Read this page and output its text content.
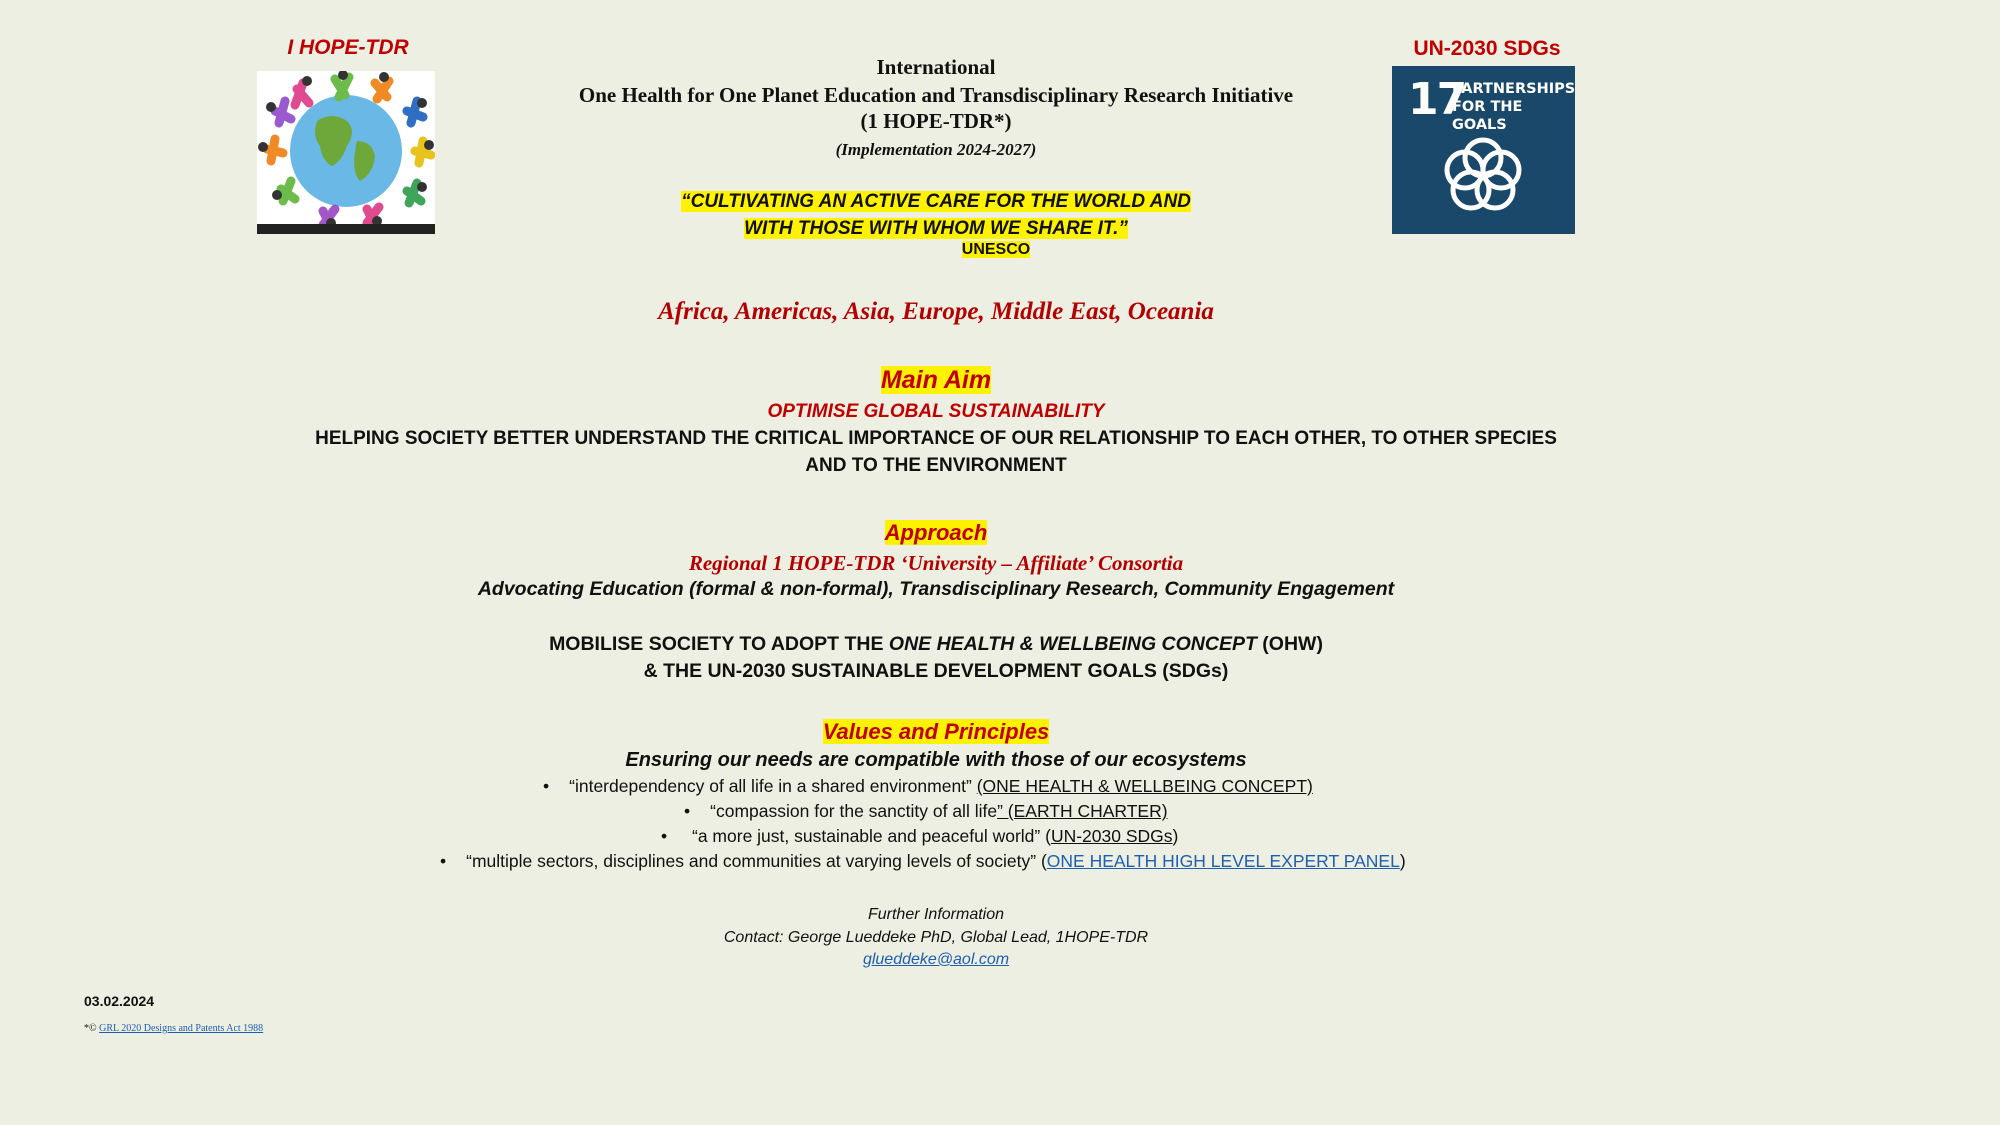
I HOPE-TDR	UN-2030 SDGs
17
PARTNERSHIPS FOR THE GOALS
International
One Health for One Planet Education and Transdisciplinary Research Initiative
(1 HOPE-TDR*)
(Implementation 2024-2027)
“CULTIVATING AN ACTIVE CARE FOR THE WORLD AND
WITH THOSE WITH WHOM WE SHARE IT.”
UNESCO
Africa, Americas, Asia, Europe, Middle East, Oceania
Main Aim
OPTIMISE GLOBAL SUSTAINABILITY
HELPING SOCIETY BETTER UNDERSTAND THE CRITICAL IMPORTANCE OF OUR RELATIONSHIP TO EACH OTHER, TO OTHER SPECIES
AND TO THE ENVIRONMENT
Approach
Regional 1 HOPE-TDR ‘University – Affiliate’ Consortia
Advocating Education (formal & non-formal), Transdisciplinary Research, Community Engagement
MOBILISE SOCIETY TO ADOPT THE ONE HEALTH & WELLBEING CONCEPT (OHW)
& THE UN-2030 SUSTAINABLE DEVELOPMENT GOALS (SDGs)
Values and Principles
Ensuring our needs are compatible with those of our ecosystems
• “interdependency of all life in a shared environment” (ONE HEALTH & WELLBEING CONCEPT)
• “compassion for the sanctity of all life” (EARTH CHARTER)
• “a more just, sustainable and peaceful world” (UN-2030 SDGs)
• “multiple sectors, disciplines and communities at varying levels of society” (ONE HEALTH HIGH LEVEL EXPERT PANEL)
Further Information
Contact: George Lueddeke PhD, Global Lead, 1HOPE-TDR
glueddeke@aol.com
03.02.2024
*© GRL 2020 Designs and Patents Act 1988
